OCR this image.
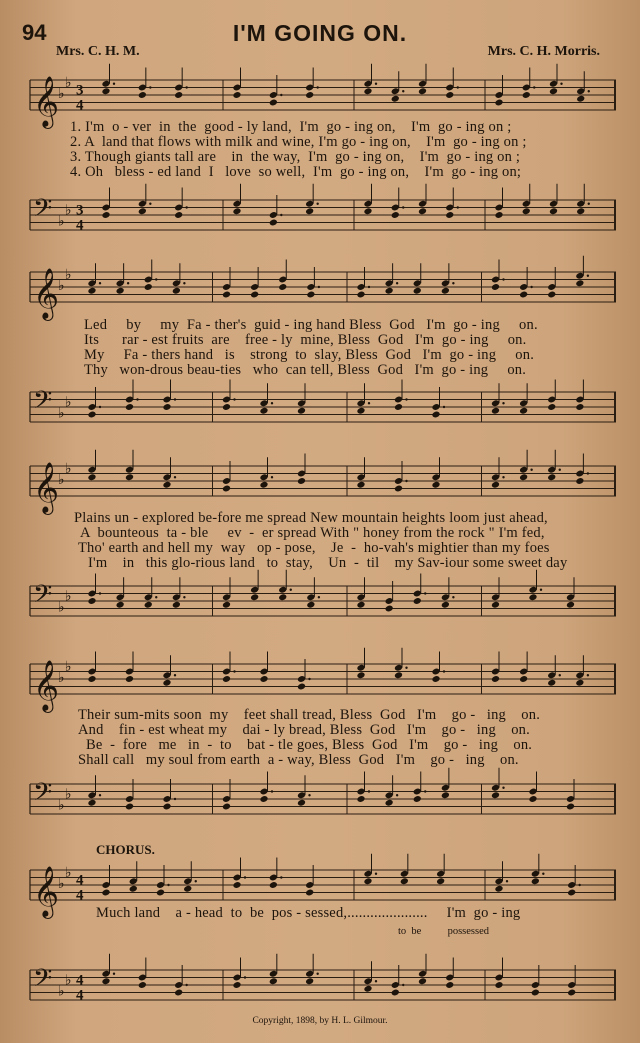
94	I'M GOING ON.
Mrs. C. H. M.	Mrs. C. H. Morris.
𝄞
♭
♭ 3
4
𝄢 ♭
♭ 3
4
1. I'm  o - ver  in  the  good - ly land,  I'm  go - ing on,    I'm  go - ing on ;
2. A  land that flows with milk and wine, I'm go - ing on,    I'm  go - ing on ;
3. Though giants tall are    in  the way,  I'm  go - ing on,    I'm  go - ing on ;
4. Oh   bless - ed land  I   love  so well,  I'm  go - ing on,    I'm  go - ing on;
𝄞
♭
♭
𝄢 ♭
♭
Led     by     my  Fa - ther's  guid - ing hand Bless  God   I'm  go - ing     on.
Its      rar - est fruits  are    free - ly  mine, Bless  God   I'm  go - ing     on.
My     Fa - thers hand   is    strong  to  slay, Bless  God   I'm  go - ing     on.
Thy   won-drous beau-ties   who  can tell, Bless  God   I'm  go - ing     on.
𝄞
♭
♭
𝄢 ♭
♭
Plains un - explored be-fore me spread New mountain heights loom just ahead,
A  bounteous  ta - ble     ev  -  er spread With " honey from the rock " I'm fed,
Tho' earth and hell my  way   op - pose,    Je  -  ho-vah's mightier than my foes
I'm    in   this glo-rious land   to  stay,    Un  -  til    my Sav-iour some sweet day
𝄞
♭
♭
𝄢 ♭
♭
Their sum-mits soon  my    feet shall tread, Bless  God   I'm    go -   ing    on.
And    fin - est wheat my    dai - ly bread, Bless  God   I'm    go -   ing    on.
Be  -  fore   me   in  -  to    bat - tle goes, Bless  God   I'm    go -   ing    on.
Shall call   my soul from earth  a - way, Bless  God   I'm    go -   ing    on.
CHORUS.
𝄞
♭
♭ 4
4
𝄢 ♭
♭ 4
4
Much land    a - head  to  be  pos - sessed,.....................     I'm  go - ing
to  be          possessed
Copyright, 1898, by H. L. Gilmour.
